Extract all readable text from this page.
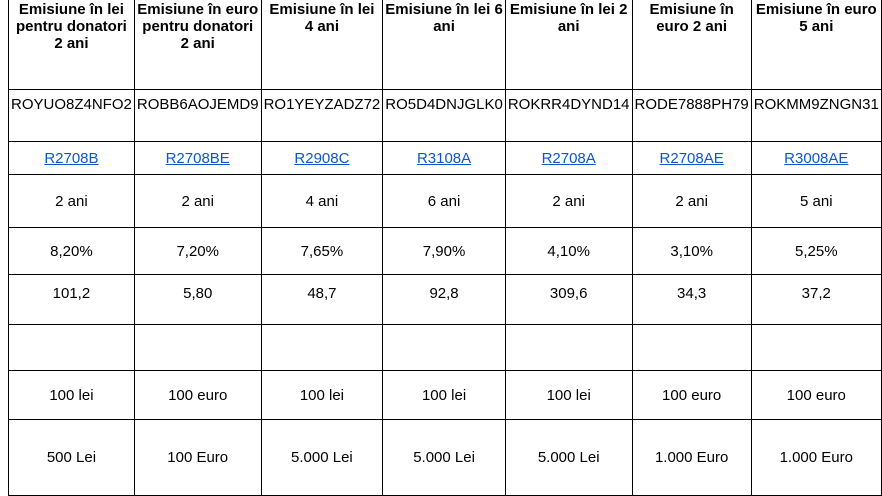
Emisiune în lei pentru donatori 2 ani	Emisiune în euro pentru donatori 2 ani	Emisiune în lei 4 ani	Emisiune în lei 6 ani	Emisiune în lei 2 ani	Emisiune în euro 2 ani	Emisiune în euro 5 ani
ROYUO8Z4NFO2	ROBB6AOJEMD9	RO1YEYZADZ72	RO5D4DNJGLK0	ROKRR4DYND14	RODE7888PH79	ROKMM9ZNGN31
R2708B	R2708BE	R2908C	R3108A	R2708A	R2708AE	R3008AE
2 ani	2 ani	4 ani	6 ani	2 ani	2 ani	5 ani
8,20%	7,20%	7,65%	7,90%	4,10%	3,10%	5,25%
101,2	5,80	48,7	92,8	309,6	34,3	37,2

100 lei	100 euro	100 lei	100 lei	100 lei	100 euro	100 euro
500 Lei	100 Euro	5.000 Lei	5.000 Lei	5.000 Lei	1.000 Euro	1.000 Euro
